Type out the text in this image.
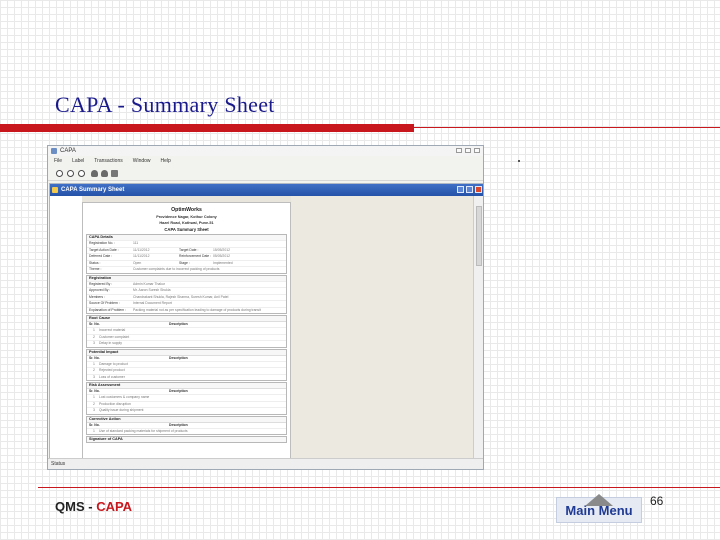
CAPA - Summary Sheet
CAPA
File Label Transactions Window Help
CAPA Summary Sheet
OptimWorks
Providence Nagar, Kothur Colony
Hazel Road, Kothwal, Pune-51
CAPA Summary Sheet
CAPA Details
Registration No. :	111
Target Action Date :	11/11/2012	Target Date :	15/05/2012
Deferred Date :	11/11/2012	Reinforcement Date : 05/05/2012
Status :	Open	Stage :	Implemented
Theme :	Customer complaints due to incorrect packing of products
Registration
Registered By :	Admin Kumar Thakur
Approved By :	Mr. Aaron Suresh Shukla
Members :	Chandrakant Shukla, Rajesh Sharma, Suresh Kumar, Anil Patel
Source Of Problem :	Internal Document Report
Explanation of Problem :	Packing material not as per specification leading to damage of products during transit
Root Cause
Sr. No.	Description
1	Incorrect material
2	Customer complaint
3	Delay in supply
Potential Impact
Sr. No.	Description
1	Damage to product
2	Rejected product
3	Loss of customer
Risk Assessment
Sr. No.	Description
1	Lost customers & company name
2	Production disruption
3	Quality issue during shipment
Corrective Action
Sr. No.	Description
1	Use of standard packing materials for shipment of products
Signature of CAPA
Status
QMS - CAPA	Main Menu
66
